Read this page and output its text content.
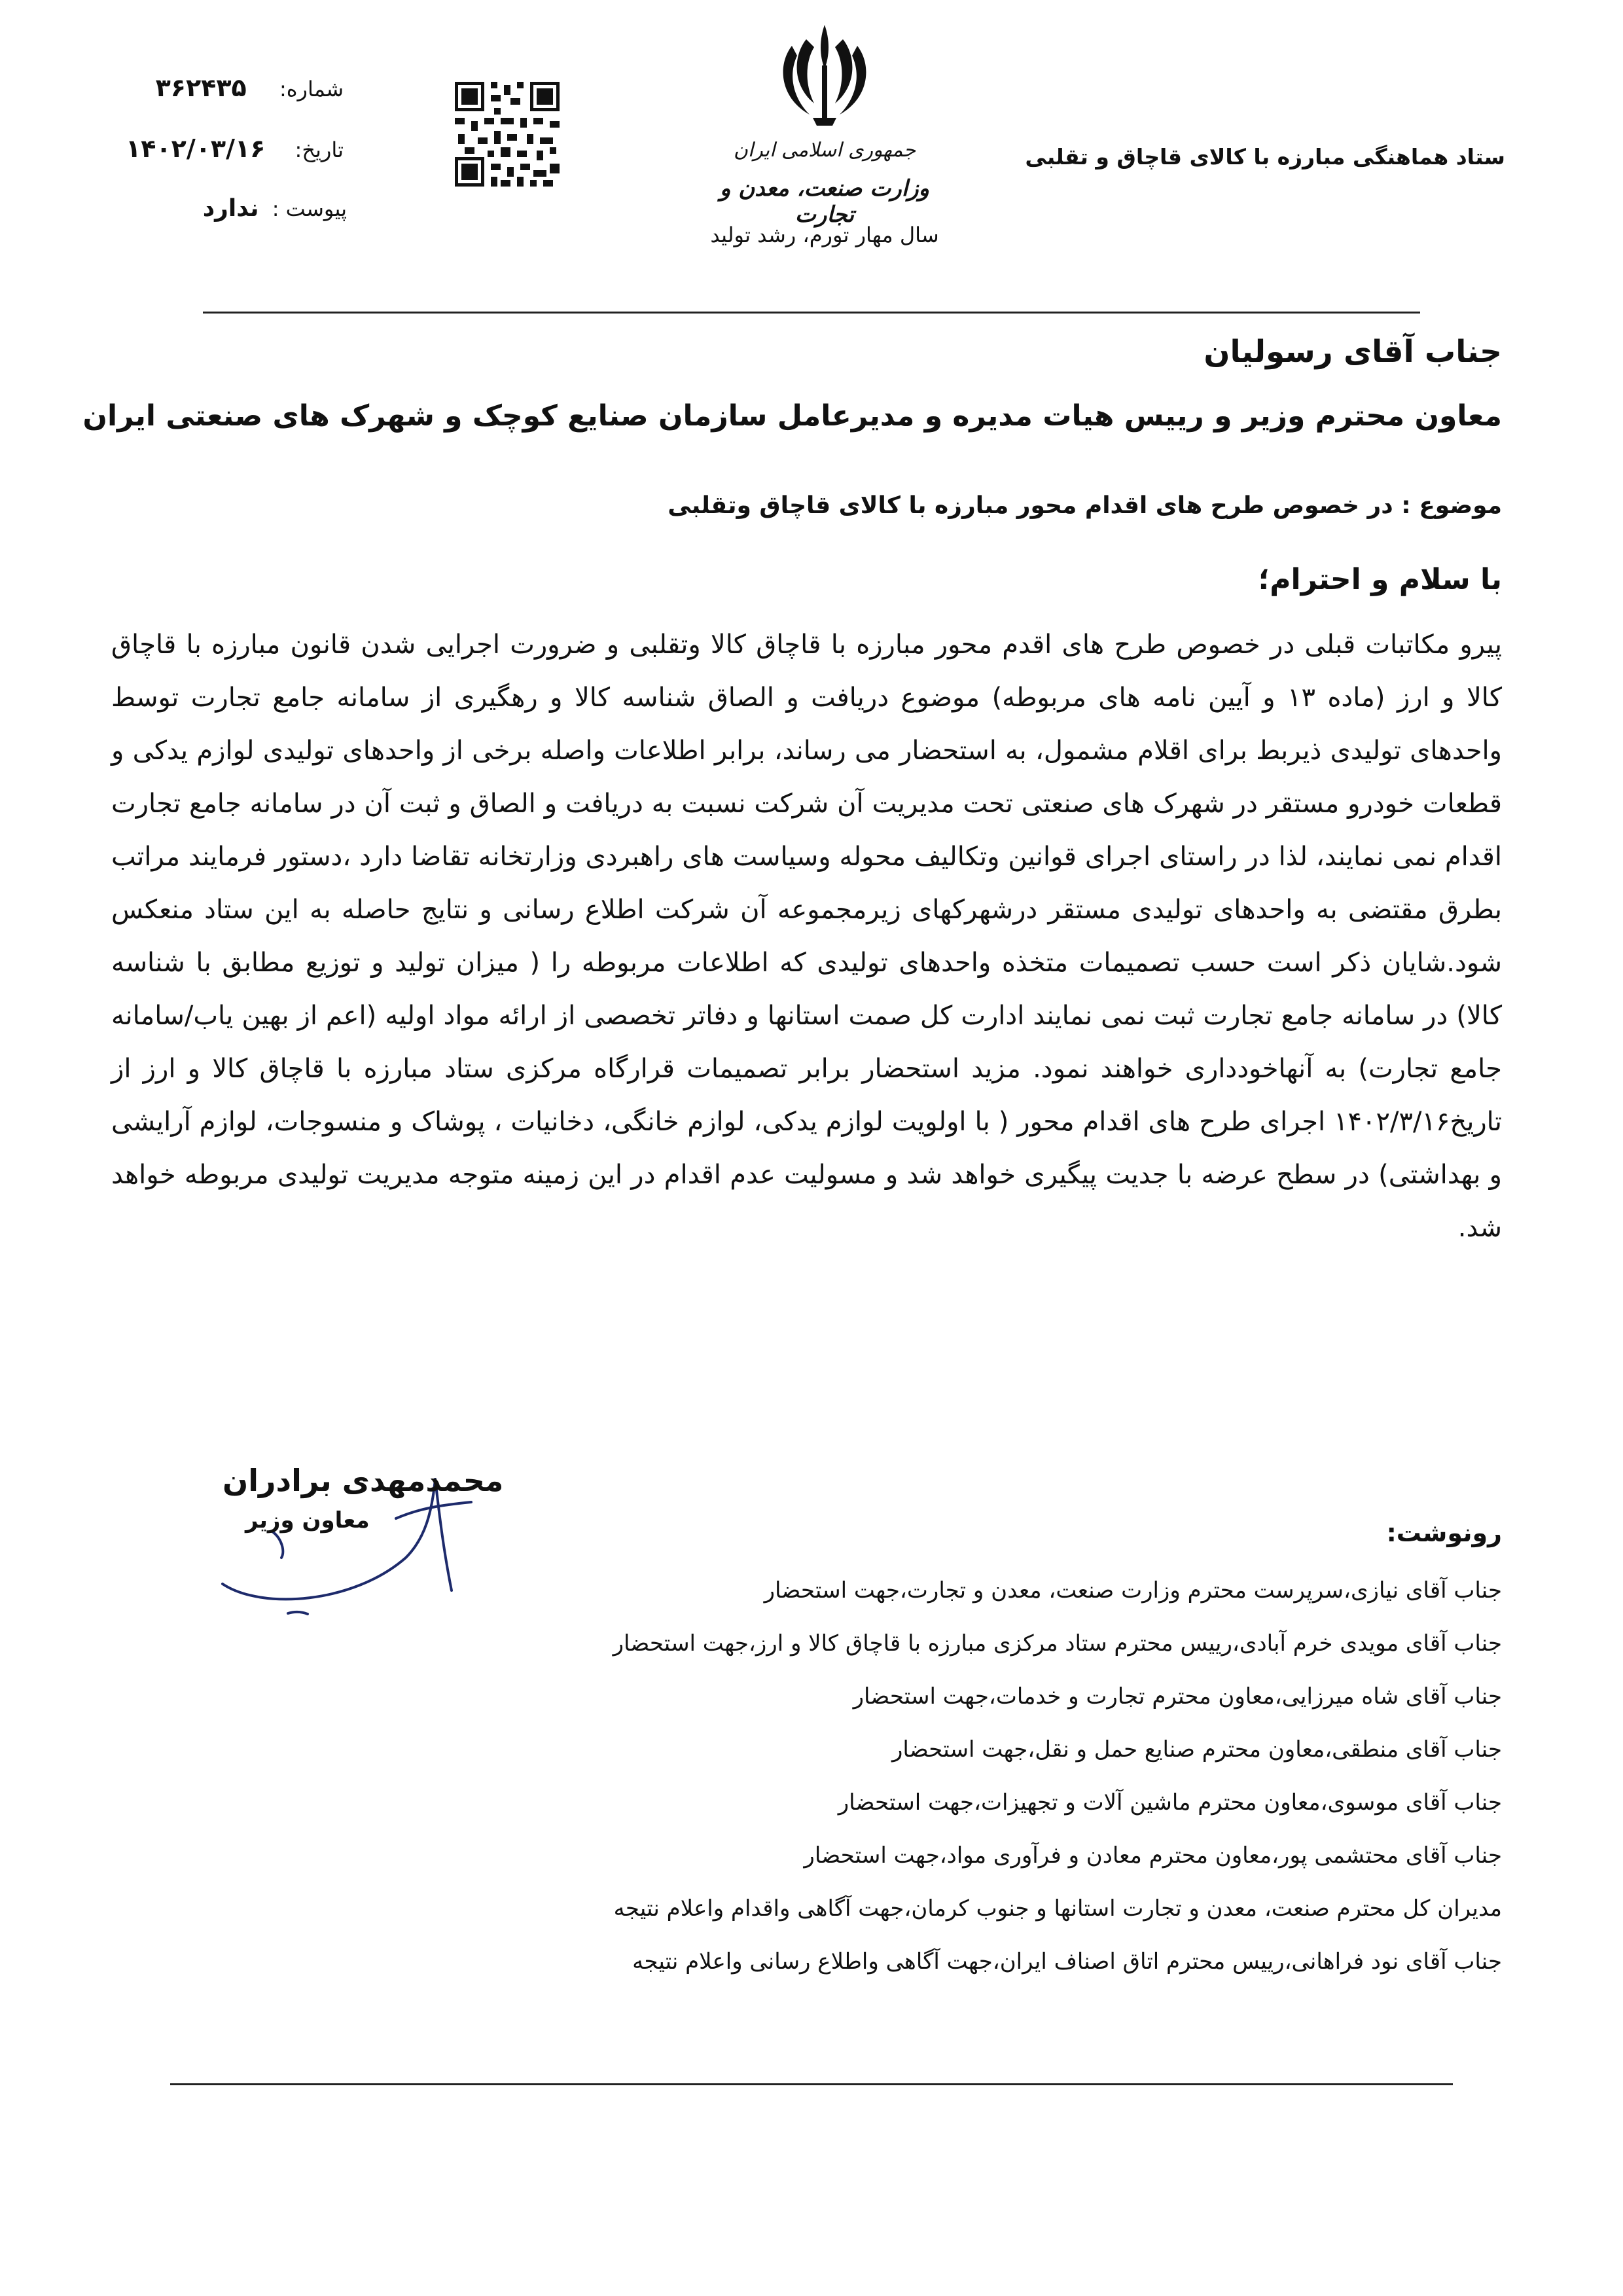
ستاد هماهنگی مبارزه با کالای قاچاق و تقلبی
جمهوری اسلامی ایران
وزارت صنعت، معدن و تجارت
سال مهار تورم، رشد تولید
شماره: ۳۶۲۴۳۵
تاریخ: ۱۴۰۲/۰۳/۱۶
پیوست : ندارد
جناب آقای رسولیان
معاون محترم وزیر و رییس هیات مدیره و مدیرعامل سازمان صنایع کوچک و شهرک های صنعتی ایران
موضوع : در خصوص طرح های اقدام محور مبارزه با کالای قاچاق وتقلبی
با سلام و احترام؛
پیرو مکاتبات قبلی در خصوص طرح های اقدم محور مبارزه با قاچاق کالا وتقلبی و ضرورت اجرایی شدن قانون مبارزه با قاچاق کالا و ارز (ماده ۱۳ و آیین نامه های مربوطه) موضوع دریافت و الصاق شناسه کالا و رهگیری از سامانه جامع تجارت توسط واحدهای تولیدی ذیربط برای اقلام مشمول، به استحضار می رساند، برابر اطلاعات واصله برخی از واحدهای تولیدی لوازم یدکی و قطعات خودرو مستقر در شهرک های صنعتی تحت مدیریت آن شرکت نسبت به دریافت و الصاق و ثبت آن در سامانه جامع تجارت اقدام نمی نمایند، لذا در راستای اجرای قوانین وتکالیف محوله وسیاست های راهبردی وزارتخانه تقاضا دارد ،دستور فرمایند مراتب بطرق مقتضی به واحدهای تولیدی مستقر درشهرکهای زیرمجموعه آن شرکت اطلاع رسانی و نتایج حاصله به این ستاد منعکس شود.شایان ذکر است حسب تصمیمات متخذه واحدهای تولیدی که اطلاعات مربوطه را ( میزان تولید و توزیع مطابق با شناسه کالا) در سامانه جامع تجارت ثبت نمی نمایند ادارت کل صمت استانها و دفاتر تخصصی از ارائه مواد اولیه (اعم از بهین یاب/سامانه جامع تجارت) به آنهاخودداری خواهند نمود. مزید استحضار برابر تصمیمات قرارگاه مرکزی ستاد مبارزه با قاچاق کالا و ارز از تاریخ۱۴۰۲/۳/۱۶ اجرای طرح های اقدام محور ( با اولویت لوازم یدکی، لوازم خانگی، دخانیات ، پوشاک و منسوجات، لوازم آرایشی و بهداشتی) در سطح عرضه با جدیت پیگیری خواهد شد و مسولیت عدم اقدام در این زمینه متوجه مدیریت تولیدی مربوطه خواهد شد.
محمدمهدی برادران
معاون وزیر	رونوشت:
جناب آقای نیازی،سرپرست محترم وزارت صنعت، معدن و تجارت،جهت استحضار
جناب آقای مویدی خرم آبادی،رییس محترم ستاد مرکزی مبارزه با قاچاق کالا و ارز،جهت استحضار
جناب آقای شاه میرزایی،معاون محترم تجارت و خدمات،جهت استحضار
جناب آقای منطقی،معاون محترم صنایع حمل و نقل،جهت استحضار
جناب آقای موسوی،معاون محترم ماشین آلات و تجهیزات،جهت استحضار
جناب آقای محتشمی پور،معاون محترم معادن و فرآوری مواد،جهت استحضار
مدیران کل محترم صنعت، معدن و تجارت استانها و جنوب کرمان،جهت آگاهی واقدام واعلام نتیجه
جناب آقای نود فراهانی،رییس محترم اتاق اصناف ایران،جهت آگاهی واطلاع رسانی واعلام نتیجه
